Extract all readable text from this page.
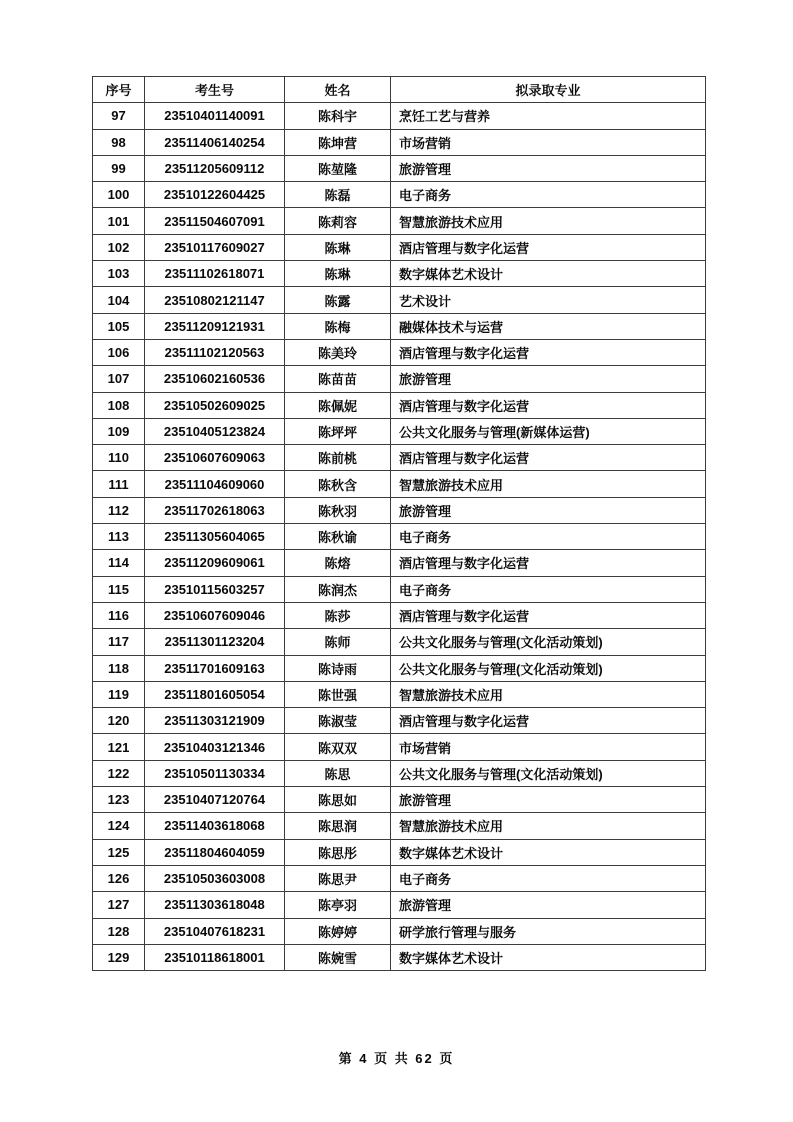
序号	考生号	姓名	拟录取专业
97	23510401140091	陈科宇	烹饪工艺与营养
98	23511406140254	陈坤营	市场营销
99	23511205609112	陈堃隆	旅游管理
100	23510122604425	陈磊	电子商务
101	23511504607091	陈莉容	智慧旅游技术应用
102	23510117609027	陈琳	酒店管理与数字化运营
103	23511102618071	陈琳	数字媒体艺术设计
104	23510802121147	陈露	艺术设计
105	23511209121931	陈梅	融媒体技术与运营
106	23511102120563	陈美玲	酒店管理与数字化运营
107	23510602160536	陈苗苗	旅游管理
108	23510502609025	陈佩妮	酒店管理与数字化运营
109	23510405123824	陈坪坪	公共文化服务与管理(新媒体运营)
110	23510607609063	陈前桃	酒店管理与数字化运营
111	23511104609060	陈秋含	智慧旅游技术应用
112	23511702618063	陈秋羽	旅游管理
113	23511305604065	陈秋谕	电子商务
114	23511209609061	陈熔	酒店管理与数字化运营
115	23510115603257	陈润杰	电子商务
116	23510607609046	陈莎	酒店管理与数字化运营
117	23511301123204	陈师	公共文化服务与管理(文化活动策划)
118	23511701609163	陈诗雨	公共文化服务与管理(文化活动策划)
119	23511801605054	陈世强	智慧旅游技术应用
120	23511303121909	陈淑莹	酒店管理与数字化运营
121	23510403121346	陈双双	市场营销
122	23510501130334	陈思	公共文化服务与管理(文化活动策划)
123	23510407120764	陈思如	旅游管理
124	23511403618068	陈思润	智慧旅游技术应用
125	23511804604059	陈思彤	数字媒体艺术设计
126	23510503603008	陈思尹	电子商务
127	23511303618048	陈亭羽	旅游管理
128	23510407618231	陈婷婷	研学旅行管理与服务
129	23510118618001	陈婉雪	数字媒体艺术设计
第 4 页 共 62 页
